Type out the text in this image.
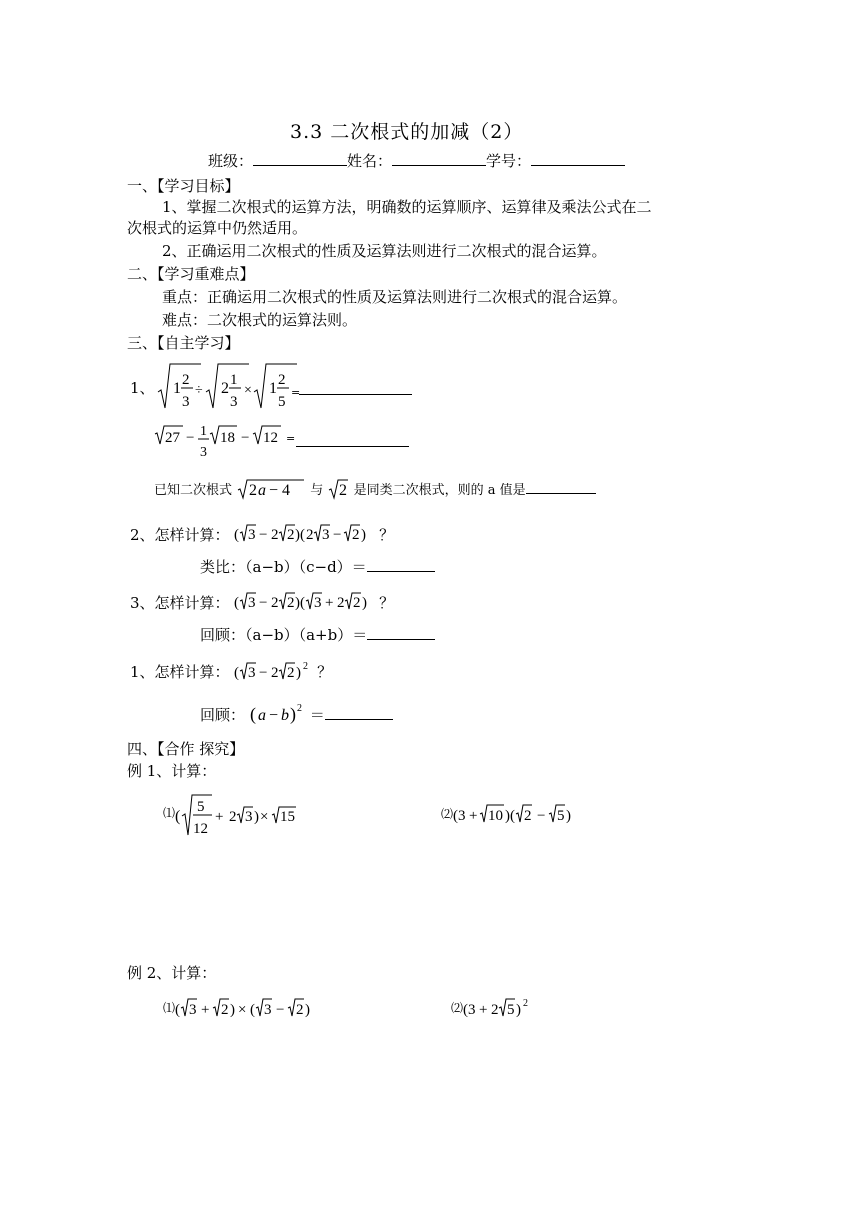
3.3 二次根式的加减（2）
班级：	姓名：	学号：
一、【学习目标】
1、掌握二次根式的运算方法，明确数的运算顺序、运算律及乘法公式在二
次根式的运算中仍然适用。
2、正确运用二次根式的性质及运算法则进行二次根式的混合运算。
二、【学习重难点】
重点：正确运用二次根式的性质及运算法则进行二次根式的混合运算。
难点：二次根式的运算法则。
三、【自主学习】
1、 1 2
3
÷ 2 1
3
× 1 2
5
=
27 − 1
3
18 − 12 =
已知二次根式 2 a − 4 与 2 是同类二次根式，则的 a 值是
2、怎样计算： ( 3 − 2 2 )( 2 3 − 2 ) ？
类比：（a−b）（c−d）＝
3、怎样计算： ( 3 − 2 2 )( 3 + 2 2 ) ？
回顾：（a−b）（a+b）＝
1、怎样计算： ( 3 − 2 2 ) 2 ？
回顾： ( a − b ) 2 ＝
四、【合作 探究】
例 1、计算：
⑴ (
5
12
+ 2 3 ) × 15	⑵ (3 + 10 )( 2 − 5 )
例 2、计算：
⑴ ( 3 + 2 ) × ( 3 − 2 )	⑵ (3 + 2 5 ) 2
